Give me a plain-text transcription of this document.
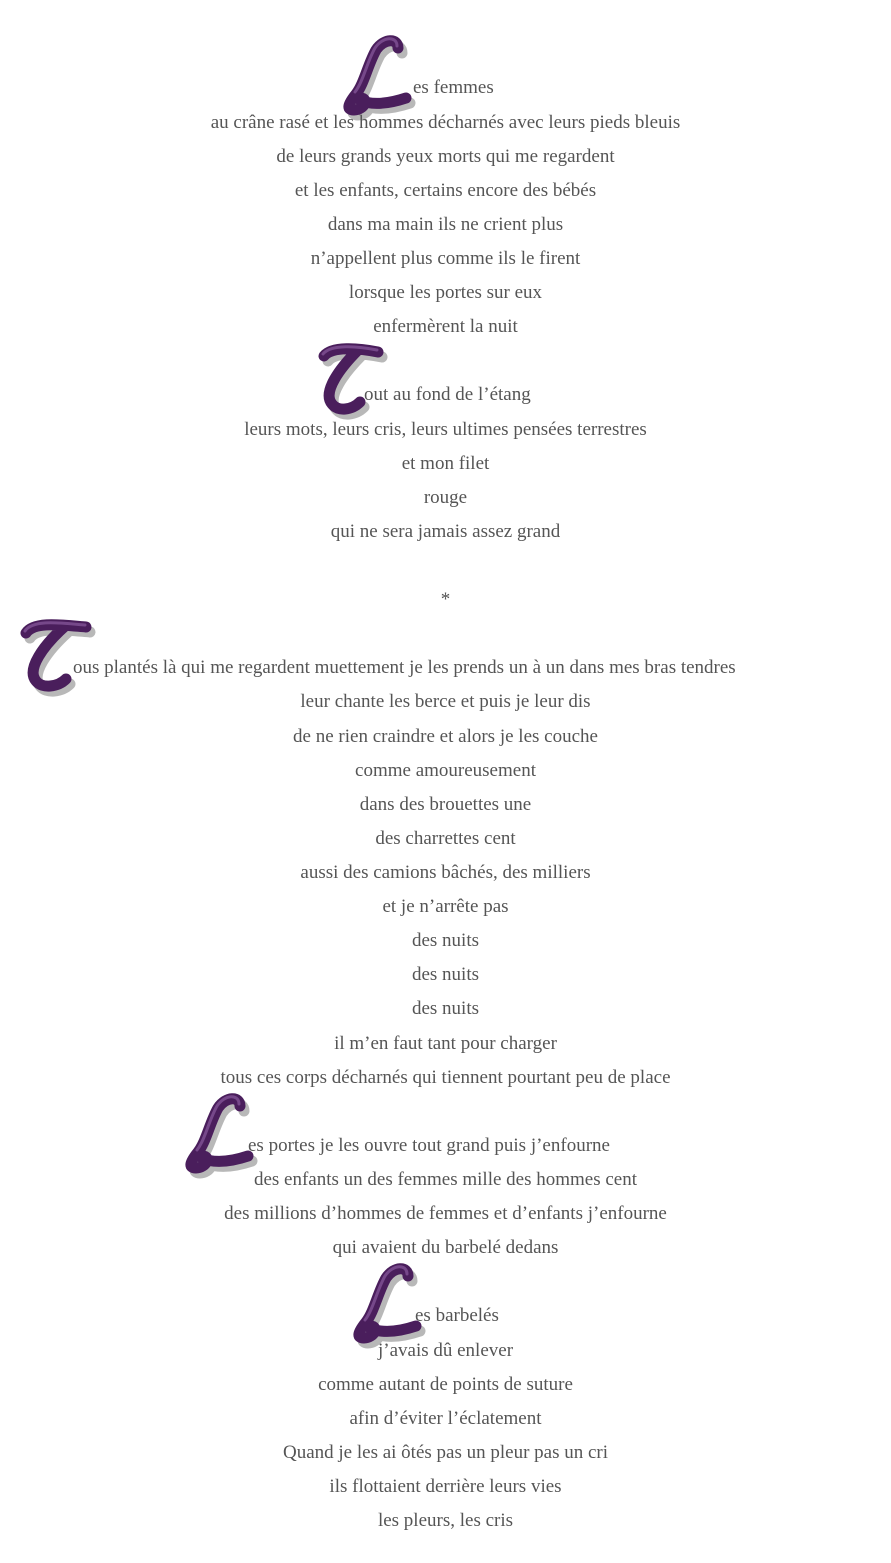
es femmes
au crâne rasé et les hommes décharnés avec leurs pieds bleuis
de leurs grands yeux morts qui me regardent
et les enfants, certains encore des bébés
dans ma main ils ne crient plus
n’appellent plus comme ils le firent
lorsque les portes sur eux
enfermèrent la nuit
out au fond de l’étang
leurs mots, leurs cris, leurs ultimes pensées terrestres
et mon filet
rouge
qui ne sera jamais assez grand
*
ous plantés là qui me regardent muettement je les prends un à un dans mes bras tendres
leur chante les berce et puis je leur dis
de ne rien craindre et alors je les couche
comme amoureusement
dans des brouettes une
des charrettes cent
aussi des camions bâchés, des milliers
et je n’arrête pas
des nuits
des nuits
des nuits
il m’en faut tant pour charger
tous ces corps décharnés qui tiennent pourtant peu de place
es portes je les ouvre tout grand puis j’enfourne
des enfants un des femmes mille des hommes cent
des millions d’hommes de femmes et d’enfants j’enfourne
qui avaient du barbelé dedans
es barbelés
j’avais dû enlever
comme autant de points de suture
afin d’éviter l’éclatement
Quand je les ai ôtés pas un pleur pas un cri
ils flottaient derrière leurs vies
les pleurs, les cris
